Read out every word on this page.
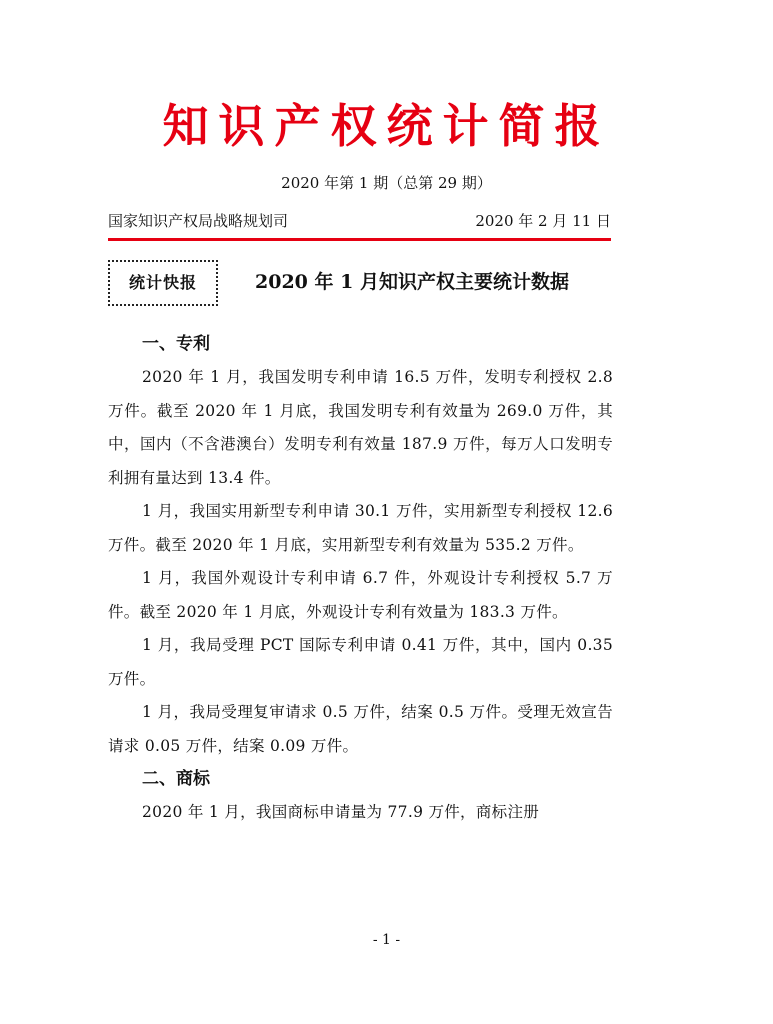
知识产权统计简报
2020 年第 1 期（总第 29 期）
国家知识产权局战略规划司	2020 年 2 月 11 日
统计快报	2020 年 1 月知识产权主要统计数据
一、专利

2020 年 1 月，我国发明专利申请 16.5 万件，发明专利授权 2.8 万件。截至 2020 年 1 月底，我国发明专利有效量为 269.0 万件，其中，国内（不含港澳台）发明专利有效量 187.9 万件，每万人口发明专利拥有量达到 13.4 件。

1 月，我国实用新型专利申请 30.1 万件，实用新型专利授权 12.6 万件。截至 2020 年 1 月底，实用新型专利有效量为 535.2 万件。

1 月，我国外观设计专利申请 6.7 件，外观设计专利授权 5.7 万件。截至 2020 年 1 月底，外观设计专利有效量为 183.3 万件。

1 月，我局受理 PCT 国际专利申请 0.41 万件，其中，国内 0.35 万件。

1 月，我局受理复审请求 0.5 万件，结案 0.5 万件。受理无效宣告请求 0.05 万件，结案 0.09 万件。

二、商标

2020 年 1 月，我国商标申请量为 77.9 万件，商标注册

- 1 -
